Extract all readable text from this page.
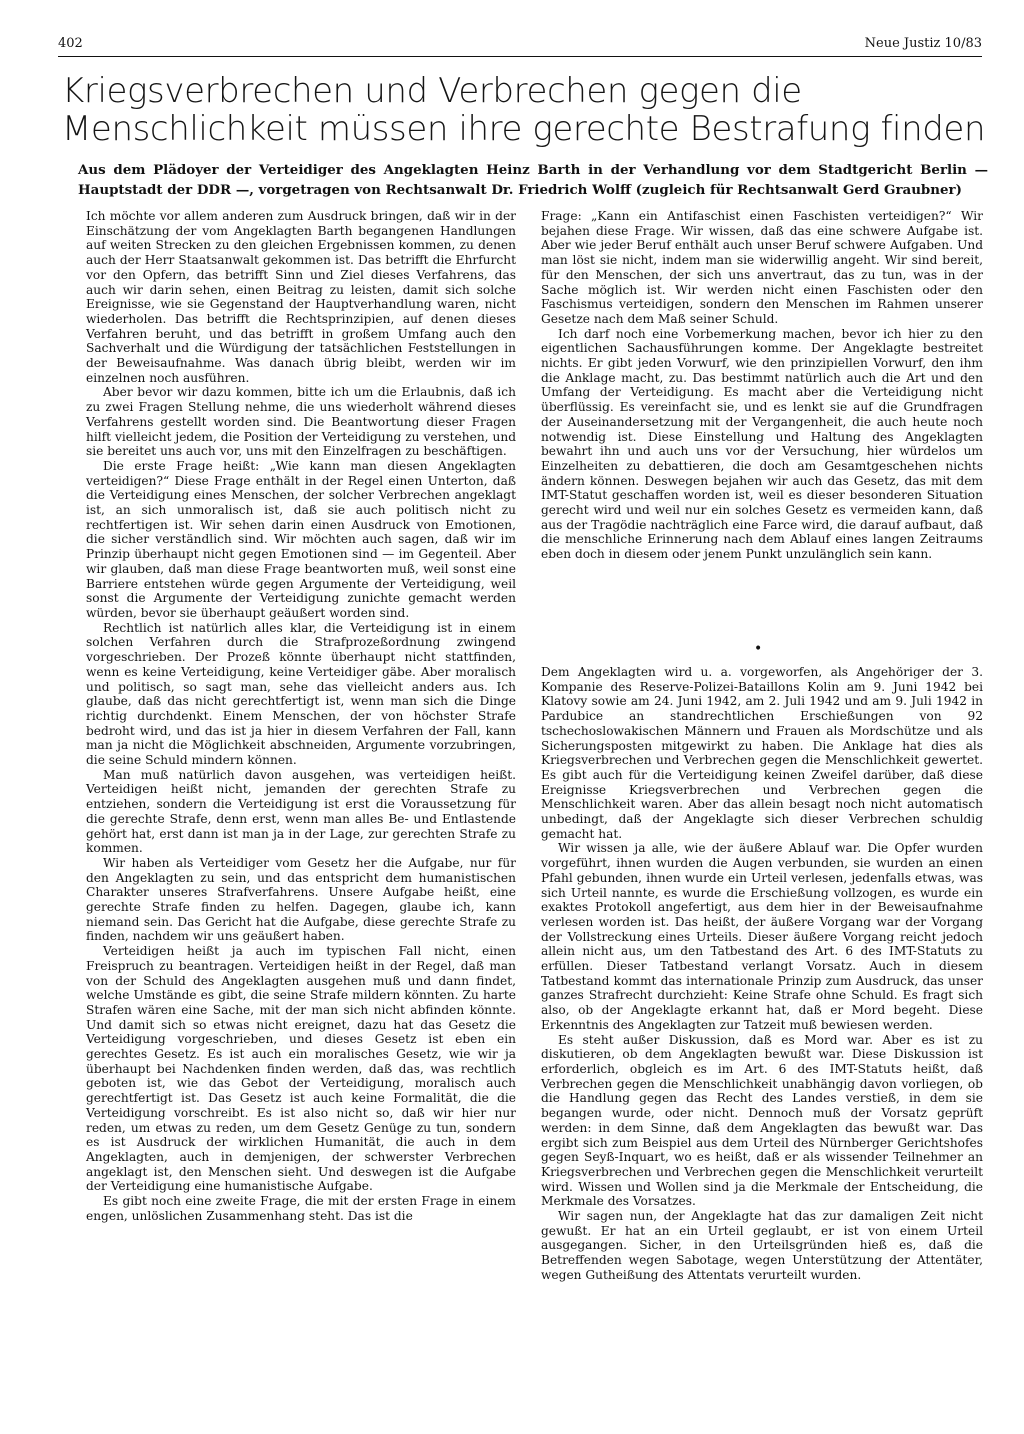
402	Neue Justiz 10/83
Kriegsverbrechen und Verbrechen gegen die Menschlichkeit müssen ihre gerechte Bestrafung finden
Aus dem Plädoyer der Verteidiger des Angeklagten Heinz Barth in der Verhandlung vor dem Stadtgericht Berlin — Hauptstadt der DDR —, vorgetragen von Rechtsanwalt Dr. Friedrich Wolff (zugleich für Rechtsanwalt Gerd Graubner)

Ich möchte vor allem anderen zum Ausdruck bringen, daß wir in der Einschätzung der vom Angeklagten Barth begangenen Handlungen auf weiten Strecken zu den gleichen Ergebnissen kommen, zu denen auch der Herr Staatsanwalt gekommen ist. Das betrifft die Ehrfurcht vor den Opfern, das betrifft Sinn und Ziel dieses Verfahrens, das auch wir darin sehen, einen Beitrag zu leisten, damit sich solche Ereignisse, wie sie Gegenstand der Hauptverhandlung waren, nicht wiederholen. Das betrifft die Rechtsprinzipien, auf denen dieses Verfahren beruht, und das betrifft in großem Umfang auch den Sachverhalt und die Würdigung der tatsächlichen Feststellungen in der Beweisaufnahme. Was danach übrig bleibt, werden wir im einzelnen noch ausführen.

Aber bevor wir dazu kommen, bitte ich um die Erlaubnis, daß ich zu zwei Fragen Stellung nehme, die uns wiederholt während dieses Verfahrens gestellt worden sind. Die Beantwortung dieser Fragen hilft vielleicht jedem, die Position der Verteidigung zu verstehen, und sie bereitet uns auch vor, uns mit den Einzelfragen zu beschäftigen.

Die erste Frage heißt: „Wie kann man diesen Angeklagten verteidigen?“ Diese Frage enthält in der Regel einen Unterton, daß die Verteidigung eines Menschen, der solcher Verbrechen angeklagt ist, an sich unmoralisch ist, daß sie auch politisch nicht zu rechtfertigen ist. Wir sehen darin einen Ausdruck von Emotionen, die sicher verständlich sind. Wir möchten auch sagen, daß wir im Prinzip überhaupt nicht gegen Emotionen sind — im Gegenteil. Aber wir glauben, daß man diese Frage beantworten muß, weil sonst eine Barriere entstehen würde gegen Argumente der Verteidigung, weil sonst die Argumente der Verteidigung zunichte gemacht werden würden, bevor sie überhaupt geäußert worden sind.

Rechtlich ist natürlich alles klar, die Verteidigung ist in einem solchen Verfahren durch die Strafprozeßordnung zwingend vorgeschrieben. Der Prozeß könnte überhaupt nicht stattfinden, wenn es keine Verteidigung, keine Verteidiger gäbe. Aber moralisch und politisch, so sagt man, sehe das vielleicht anders aus. Ich glaube, daß das nicht gerechtfertigt ist, wenn man sich die Dinge richtig durchdenkt. Einem Menschen, der von höchster Strafe bedroht wird, und das ist ja hier in diesem Verfahren der Fall, kann man ja nicht die Möglichkeit abschneiden, Argumente vorzubringen, die seine Schuld mindern können.

Man muß natürlich davon ausgehen, was verteidigen heißt. Verteidigen heißt nicht, jemanden der gerechten Strafe zu entziehen, sondern die Verteidigung ist erst die Voraussetzung für die gerechte Strafe, denn erst, wenn man alles Be- und Entlastende gehört hat, erst dann ist man ja in der Lage, zur gerechten Strafe zu kommen.

Wir haben als Verteidiger vom Gesetz her die Aufgabe, nur für den Angeklagten zu sein, und das entspricht dem humanistischen Charakter unseres Strafverfahrens. Unsere Aufgabe heißt, eine gerechte Strafe finden zu helfen. Dagegen, glaube ich, kann niemand sein. Das Gericht hat die Aufgabe, diese gerechte Strafe zu finden, nachdem wir uns geäußert haben.

Verteidigen heißt ja auch im typischen Fall nicht, einen Freispruch zu beantragen. Verteidigen heißt in der Regel, daß man von der Schuld des Angeklagten ausgehen muß und dann findet, welche Umstände es gibt, die seine Strafe mildern könnten. Zu harte Strafen wären eine Sache, mit der man sich nicht abfinden könnte. Und damit sich so etwas nicht ereignet, dazu hat das Gesetz die Verteidigung vorgeschrieben, und dieses Gesetz ist eben ein gerechtes Gesetz. Es ist auch ein moralisches Gesetz, wie wir ja überhaupt bei Nachdenken finden werden, daß das, was rechtlich geboten ist, wie das Gebot der Verteidigung, moralisch auch gerechtfertigt ist. Das Gesetz ist auch keine Formalität, die die Verteidigung vorschreibt. Es ist also nicht so, daß wir hier nur reden, um etwas zu reden, um dem Gesetz Genüge zu tun, sondern es ist Ausdruck der wirklichen Humanität, die auch in dem Angeklagten, auch in demjenigen, der schwerster Verbrechen angeklagt ist, den Menschen sieht. Und deswegen ist die Aufgabe der Verteidigung eine humanistische Aufgabe.

Es gibt noch eine zweite Frage, die mit der ersten Frage in einem engen, unlöslichen Zusammenhang steht. Das ist die

Frage: „Kann ein Antifaschist einen Faschisten verteidigen?“ Wir bejahen diese Frage. Wir wissen, daß das eine schwere Aufgabe ist. Aber wie jeder Beruf enthält auch unser Beruf schwere Aufgaben. Und man löst sie nicht, indem man sie widerwillig angeht. Wir sind bereit, für den Menschen, der sich uns anvertraut, das zu tun, was in der Sache möglich ist. Wir werden nicht einen Faschisten oder den Faschismus verteidigen, sondern den Menschen im Rahmen unserer Gesetze nach dem Maß seiner Schuld.

Ich darf noch eine Vorbemerkung machen, bevor ich hier zu den eigentlichen Sachausführungen komme. Der Angeklagte bestreitet nichts. Er gibt jeden Vorwurf, wie den prinzipiellen Vorwurf, den ihm die Anklage macht, zu. Das bestimmt natürlich auch die Art und den Umfang der Verteidigung. Es macht aber die Verteidigung nicht überflüssig. Es vereinfacht sie, und es lenkt sie auf die Grundfragen der Auseinandersetzung mit der Vergangenheit, die auch heute noch notwendig ist. Diese Einstellung und Haltung des Angeklagten bewahrt ihn und auch uns vor der Versuchung, hier würdelos um Einzelheiten zu debattieren, die doch am Gesamtgeschehen nichts ändern können. Deswegen bejahen wir auch das Gesetz, das mit dem IMT-Statut geschaffen worden ist, weil es dieser besonderen Situation gerecht wird und weil nur ein solches Gesetz es vermeiden kann, daß aus der Tragödie nachträglich eine Farce wird, die darauf aufbaut, daß die menschliche Erinnerung nach dem Ablauf eines langen Zeitraums eben doch in diesem oder jenem Punkt unzulänglich sein kann.

•

Dem Angeklagten wird u. a. vorgeworfen, als Angehöriger der 3. Kompanie des Reserve-Polizei-Bataillons Kolin am 9. Juni 1942 bei Klatovy sowie am 24. Juni 1942, am 2. Juli 1942 und am 9. Juli 1942 in Pardubice an standrechtlichen Erschießungen von 92 tschechoslowakischen Männern und Frauen als Mordschütze und als Sicherungsposten mitgewirkt zu haben. Die Anklage hat dies als Kriegsverbrechen und Verbrechen gegen die Menschlichkeit gewertet. Es gibt auch für die Verteidigung keinen Zweifel darüber, daß diese Ereignisse Kriegsverbrechen und Verbrechen gegen die Menschlichkeit waren. Aber das allein besagt noch nicht automatisch unbedingt, daß der Angeklagte sich dieser Verbrechen schuldig gemacht hat.

Wir wissen ja alle, wie der äußere Ablauf war. Die Opfer wurden vorgeführt, ihnen wurden die Augen verbunden, sie wurden an einen Pfahl gebunden, ihnen wurde ein Urteil verlesen, jedenfalls etwas, was sich Urteil nannte, es wurde die Erschießung vollzogen, es wurde ein exaktes Protokoll angefertigt, aus dem hier in der Beweisaufnahme verlesen worden ist. Das heißt, der äußere Vorgang war der Vorgang der Vollstreckung eines Urteils. Dieser äußere Vorgang reicht jedoch allein nicht aus, um den Tatbestand des Art. 6 des IMT-Statuts zu erfüllen. Dieser Tatbestand verlangt Vorsatz. Auch in diesem Tatbestand kommt das internationale Prinzip zum Ausdruck, das unser ganzes Strafrecht durchzieht: Keine Strafe ohne Schuld. Es fragt sich also, ob der Angeklagte erkannt hat, daß er Mord begeht. Diese Erkenntnis des Angeklagten zur Tatzeit muß bewiesen werden.

Es steht außer Diskussion, daß es Mord war. Aber es ist zu diskutieren, ob dem Angeklagten bewußt war. Diese Diskussion ist erforderlich, obgleich es im Art. 6 des IMT-Statuts heißt, daß Verbrechen gegen die Menschlichkeit unabhängig davon vorliegen, ob die Handlung gegen das Recht des Landes verstieß, in dem sie begangen wurde, oder nicht. Dennoch muß der Vorsatz geprüft werden: in dem Sinne, daß dem Angeklagten das bewußt war. Das ergibt sich zum Beispiel aus dem Urteil des Nürnberger Gerichtshofes gegen Seyß-Inquart, wo es heißt, daß er als wissender Teilnehmer an Kriegsverbrechen und Verbrechen gegen die Menschlichkeit verurteilt wird. Wissen und Wollen sind ja die Merkmale der Entscheidung, die Merkmale des Vorsatzes.

Wir sagen nun, der Angeklagte hat das zur damaligen Zeit nicht gewußt. Er hat an ein Urteil geglaubt, er ist von einem Urteil ausgegangen. Sicher, in den Urteilsgründen hieß es, daß die Betreffenden wegen Sabotage, wegen Unterstützung der Attentäter, wegen Gutheißung des Attentats verurteilt wurden.
